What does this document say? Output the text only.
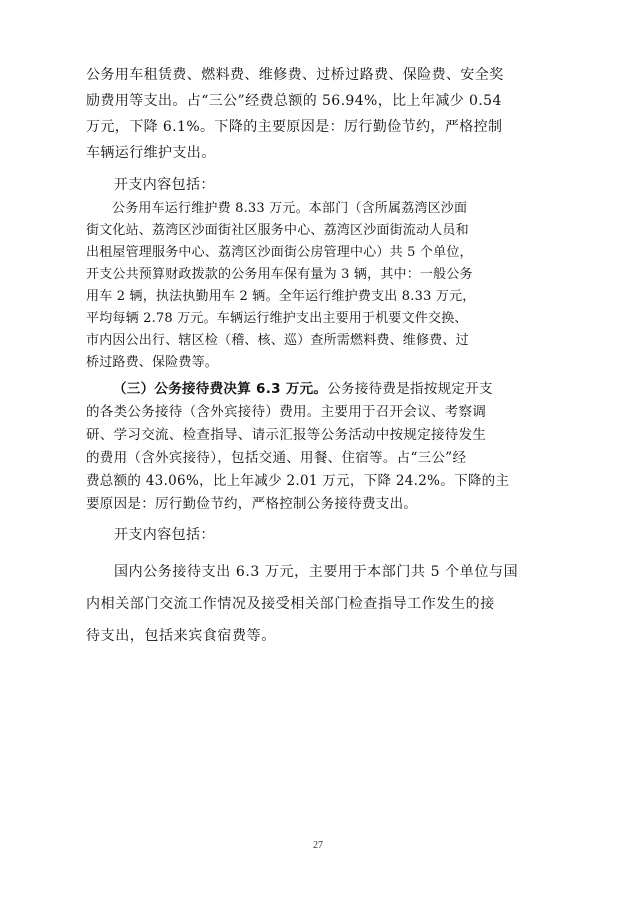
公务用车租赁费、燃料费、维修费、过桥过路费、保险费、安全奖
励费用等支出。占“三公”经费总额的 56.94%，比上年减少 0.54
万元，下降 6.1%。下降的主要原因是：厉行勤俭节约，严格控制
车辆运行维护支出。
开支内容包括：
公务用车运行维护费 8.33 万元。本部门（含所属荔湾区沙面
街文化站、荔湾区沙面街社区服务中心、荔湾区沙面街流动人员和
出租屋管理服务中心、荔湾区沙面街公房管理中心）共 5 个单位，
开支公共预算财政拨款的公务用车保有量为 3 辆，其中：一般公务
用车 2 辆，执法执勤用车 2 辆。全年运行维护费支出 8.33 万元，
平均每辆 2.78 万元。车辆运行维护支出主要用于机要文件交换、
市内因公出行、辖区检（稽、核、巡）查所需燃料费、维修费、过
桥过路费、保险费等。
（三）公务接待费决算 6.3 万元。公务接待费是指按规定开支
的各类公务接待（含外宾接待）费用。主要用于召开会议、考察调
研、学习交流、检查指导、请示汇报等公务活动中按规定接待发生
的费用（含外宾接待），包括交通、用餐、住宿等。占“三公”经
费总额的 43.06%，比上年减少 2.01 万元，下降 24.2%。下降的主
要原因是：厉行勤俭节约，严格控制公务接待费支出。
开支内容包括：
国内公务接待支出 6.3 万元，主要用于本部门共 5 个单位与国
内相关部门交流工作情况及接受相关部门检查指导工作发生的接
待支出，包括来宾食宿费等。
27
